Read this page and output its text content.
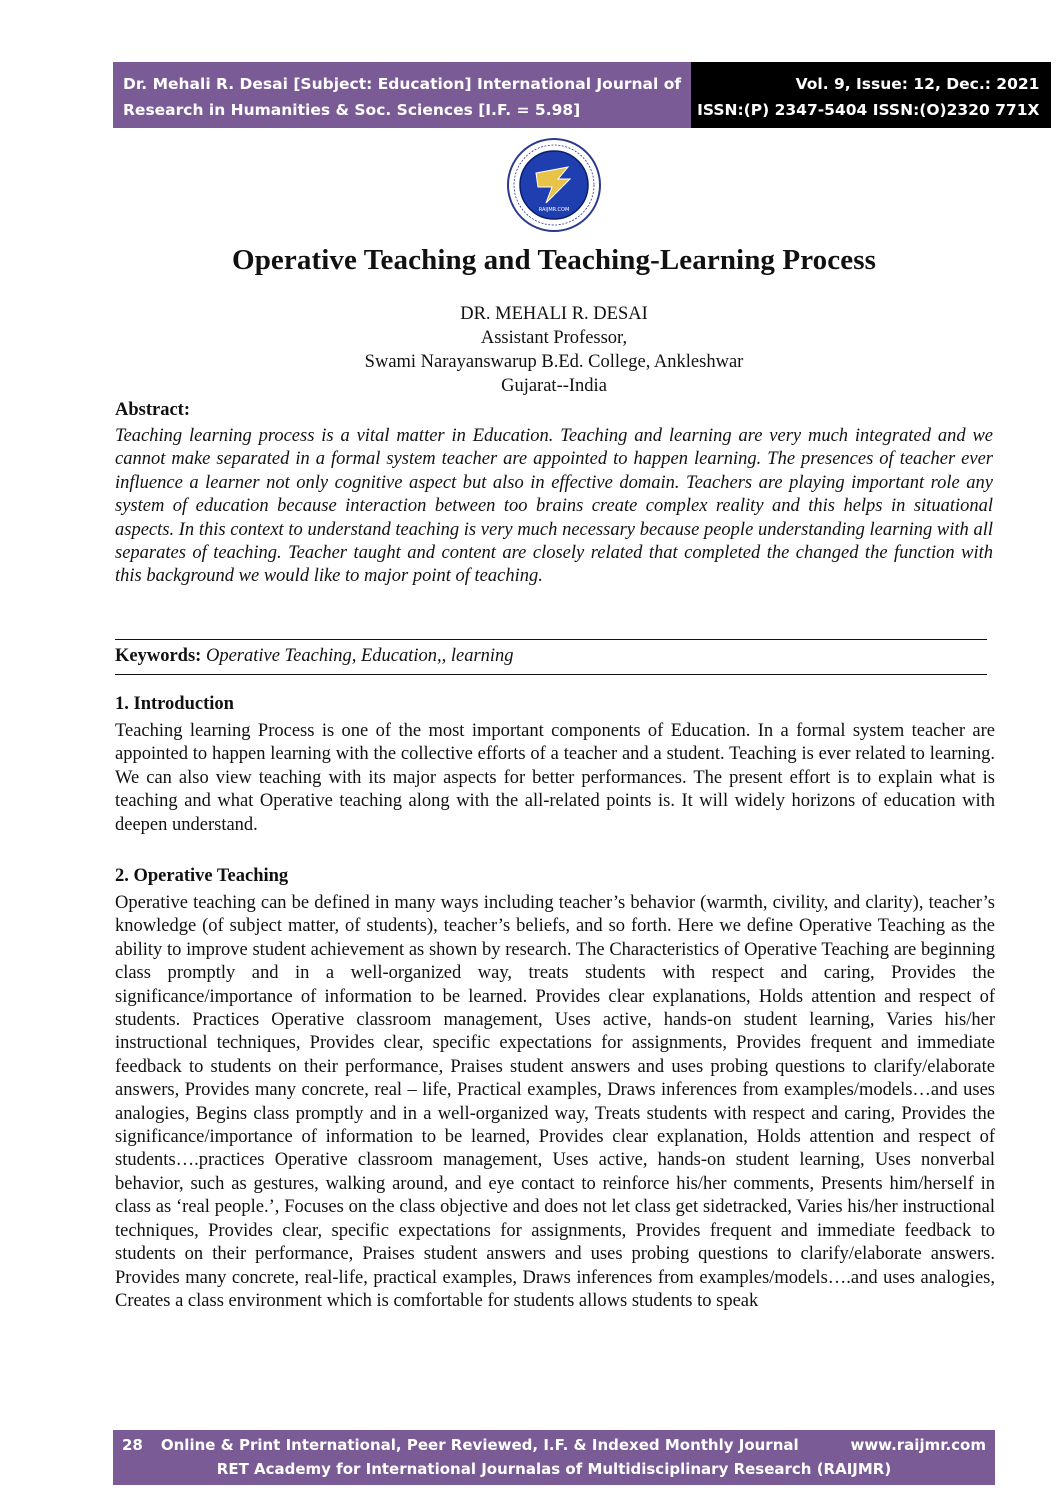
Dr. Mehali R. Desai [Subject: Education] International Journal of
Research in Humanities & Soc. Sciences [I.F. = 5.98]
Vol. 9, Issue: 12, Dec.: 2021
ISSN:(P) 2347-5404 ISSN:(O)2320 771X
RAIJMR.COM
Operative Teaching and Teaching-Learning Process
DR. MEHALI R. DESAI
Assistant Professor,
Swami Narayanswarup B.Ed. College, Ankleshwar
Gujarat--India
Abstract:
Teaching learning process is a vital matter in Education. Teaching and learning are very much integrated and we cannot make separated in a formal system teacher are appointed to happen learning. The presences of teacher ever influence a learner not only cognitive aspect but also in effective domain. Teachers are playing important role any system of education because interaction between too brains create complex reality and this helps in situational aspects. In this context to understand teaching is very much necessary because people understanding learning with all separates of teaching. Teacher taught and content are closely related that completed the changed the function with this background we would like to major point of teaching.
Keywords: Operative Teaching, Education,, learning
1. Introduction
Teaching learning Process is one of the most important components of Education. In a formal system teacher are appointed to happen learning with the collective efforts of a teacher and a student. Teaching is ever related to learning. We can also view teaching with its major aspects for better performances. The present effort is to explain what is teaching and what Operative teaching along with the all-related points is. It will widely horizons of education with deepen understand.
2. Operative Teaching
Operative teaching can be defined in many ways including teacher’s behavior (warmth, civility, and clarity), teacher’s knowledge (of subject matter, of students), teacher’s beliefs, and so forth. Here we define Operative Teaching as the ability to improve student achievement as shown by research. The Characteristics of Operative Teaching are beginning class promptly and in a well-organized way, treats students with respect and caring, Provides the significance/importance of information to be learned. Provides clear explanations, Holds attention and respect of students. Practices Operative classroom management, Uses active, hands-on student learning, Varies his/her instructional techniques, Provides clear, specific expectations for assignments, Provides frequent and immediate feedback to students on their performance, Praises student answers and uses probing questions to clarify/elaborate answers, Provides many concrete, real – life, Practical examples, Draws inferences from examples/models…and uses analogies, Begins class promptly and in a well-organized way, Treats students with respect and caring, Provides the significance/importance of information to be learned, Provides clear explanation, Holds attention and respect of students….practices Operative classroom management, Uses active, hands-on student learning, Uses nonverbal behavior, such as gestures, walking around, and eye contact to reinforce his/her comments, Presents him/herself in class as ‘real people.’, Focuses on the class objective and does not let class get sidetracked, Varies his/her instructional techniques, Provides clear, specific expectations for assignments, Provides frequent and immediate feedback to students on their performance, Praises student answers and uses probing questions to clarify/elaborate answers. Provides many concrete, real-life, practical examples, Draws inferences from examples/models….and uses analogies, Creates a class environment which is comfortable for students allows students to speak
28 Online & Print International, Peer Reviewed, I.F. & Indexed Monthly Journal	www.raijmr.com
RET Academy for International Journalas of Multidisciplinary Research (RAIJMR)
